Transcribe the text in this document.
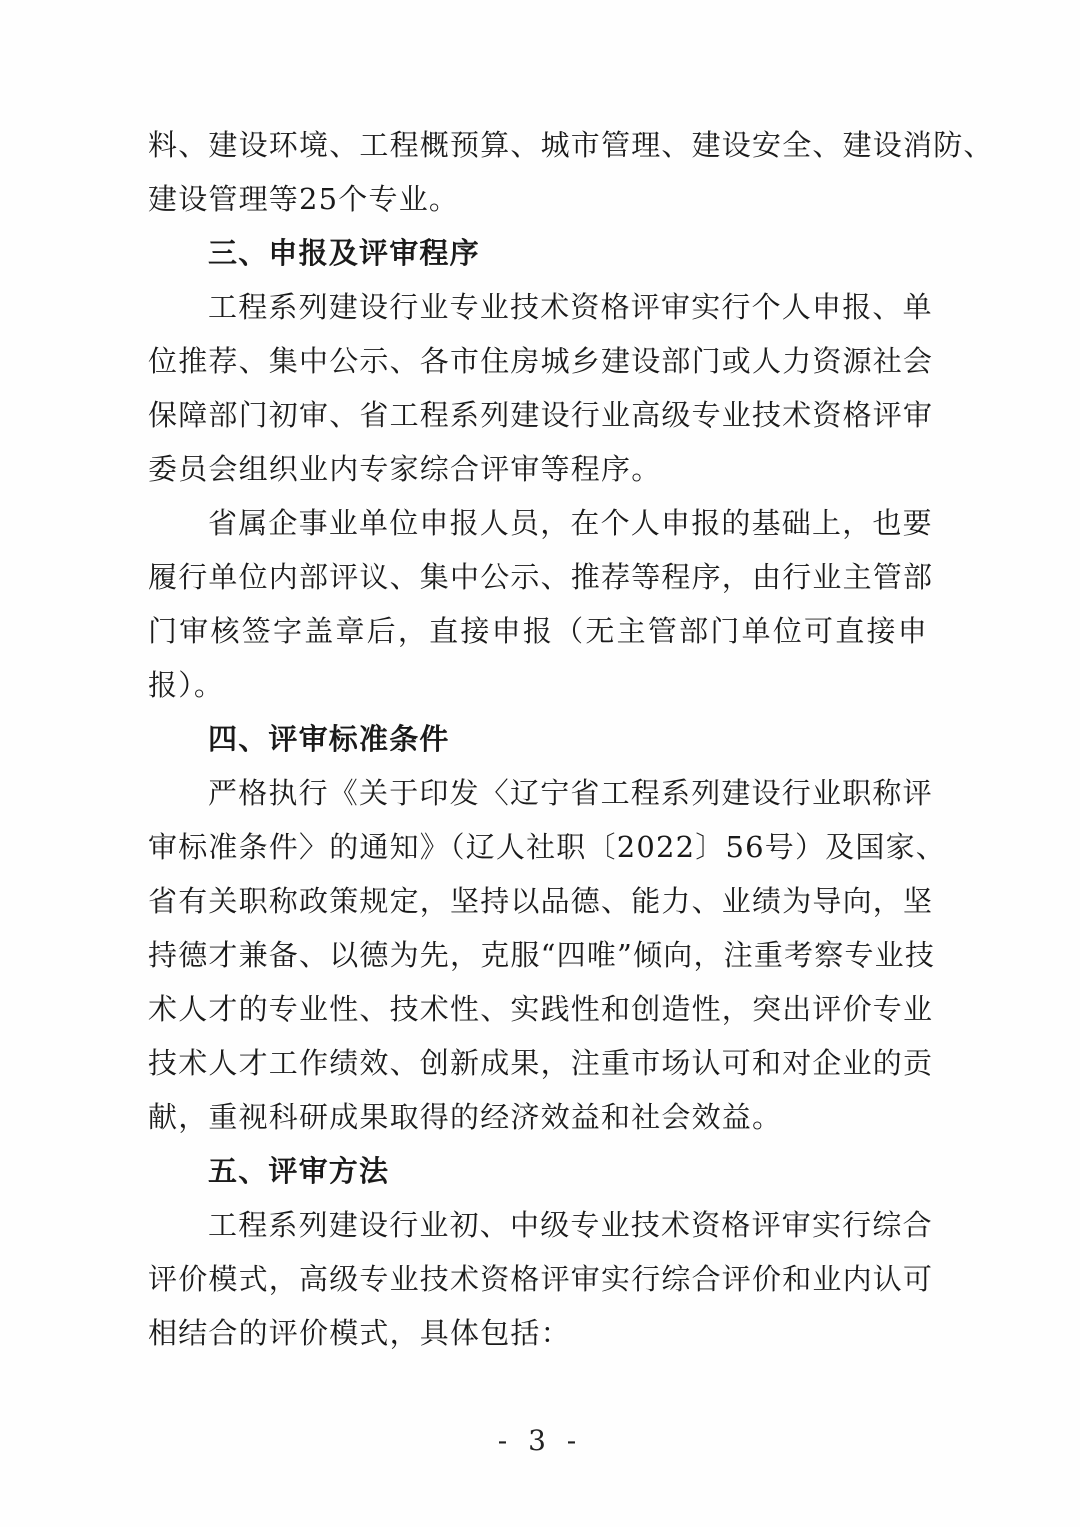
料、建设环境、工程概预算、城市管理、建设安全、建设消防、
建设管理等25个专业。
三、申报及评审程序
工程系列建设行业专业技术资格评审实行个人申报、单
位推荐、集中公示、各市住房城乡建设部门或人力资源社会
保障部门初审、省工程系列建设行业高级专业技术资格评审
委员会组织业内专家综合评审等程序。
省属企事业单位申报人员，在个人申报的基础上，也要
履行单位内部评议、集中公示、推荐等程序，由行业主管部
门审核签字盖章后，直接申报（无主管部门单位可直接申
报）。
四、评审标准条件
严格执行《关于印发〈辽宁省工程系列建设行业职称评
审标准条件〉的通知》（辽人社职〔2022〕56号）及国家、
省有关职称政策规定，坚持以品德、能力、业绩为导向，坚
持德才兼备、以德为先，克服“四唯”倾向，注重考察专业技
术人才的专业性、技术性、实践性和创造性，突出评价专业
技术人才工作绩效、创新成果，注重市场认可和对企业的贡
献，重视科研成果取得的经济效益和社会效益。
五、评审方法
工程系列建设行业初、中级专业技术资格评审实行综合
评价模式，高级专业技术资格评审实行综合评价和业内认可
相结合的评价模式，具体包括：
- 3 -
